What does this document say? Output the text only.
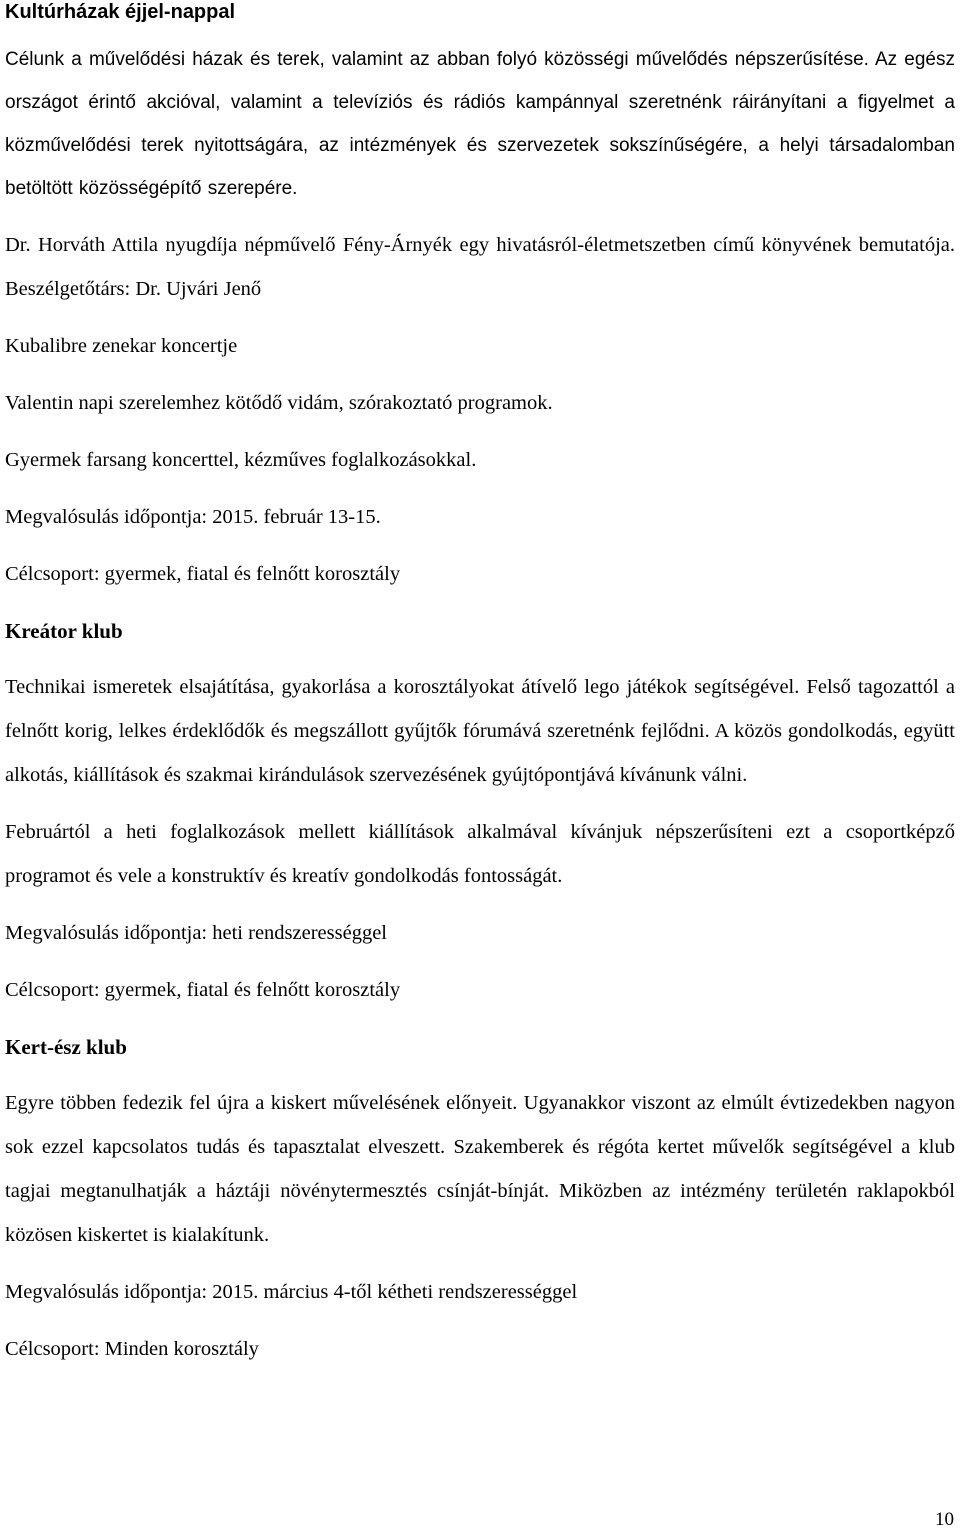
Kultúrházak éjjel-nappal

Célunk a művelődési házak és terek, valamint az abban folyó közösségi művelődés népszerűsítése. Az egész országot érintő akcióval, valamint a televíziós és rádiós kampánnyal szeretnénk ráirányítani a figyelmet a közművelődési terek nyitottságára, az intézmények és szervezetek sokszínűségére, a helyi társadalomban betöltött közösségépítő szerepére.

Dr. Horváth Attila nyugdíja népművelő Fény-Árnyék egy hivatásról-életmetszetben című könyvének bemutatója. Beszélgetőtárs: Dr. Ujvári Jenő

Kubalibre zenekar koncertje

Valentin napi szerelemhez kötődő vidám, szórakoztató programok.

Gyermek farsang koncerttel, kézműves foglalkozásokkal.

Megvalósulás időpontja: 2015. február 13-15.

Célcsoport: gyermek, fiatal és felnőtt korosztály

Kreátor klub

Technikai ismeretek elsajátítása, gyakorlása a korosztályokat átívelő lego játékok segítségével. Felső tagozattól a felnőtt korig, lelkes érdeklődők és megszállott gyűjtők fórumává szeretnénk fejlődni. A közös gondolkodás, együtt alkotás, kiállítások és szakmai kirándulások szervezésének gyújtópontjává kívánunk válni.

Februártól a heti foglalkozások mellett kiállítások alkalmával kívánjuk népszerűsíteni ezt a csoportképző programot és vele a konstruktív és kreatív gondolkodás fontosságát.

Megvalósulás időpontja: heti rendszerességgel

Célcsoport: gyermek, fiatal és felnőtt korosztály

Kert-ész klub

Egyre többen fedezik fel újra a kiskert művelésének előnyeit. Ugyanakkor viszont az elmúlt évtizedekben nagyon sok ezzel kapcsolatos tudás és tapasztalat elveszett. Szakemberek és régóta kertet művelők segítségével a klub tagjai megtanulhatják a háztáji növénytermesztés csínját-bínját. Miközben az intézmény területén raklapokból közösen kiskertet is kialakítunk.

Megvalósulás időpontja: 2015. március 4-től kétheti rendszerességgel

Célcsoport: Minden korosztály

10
